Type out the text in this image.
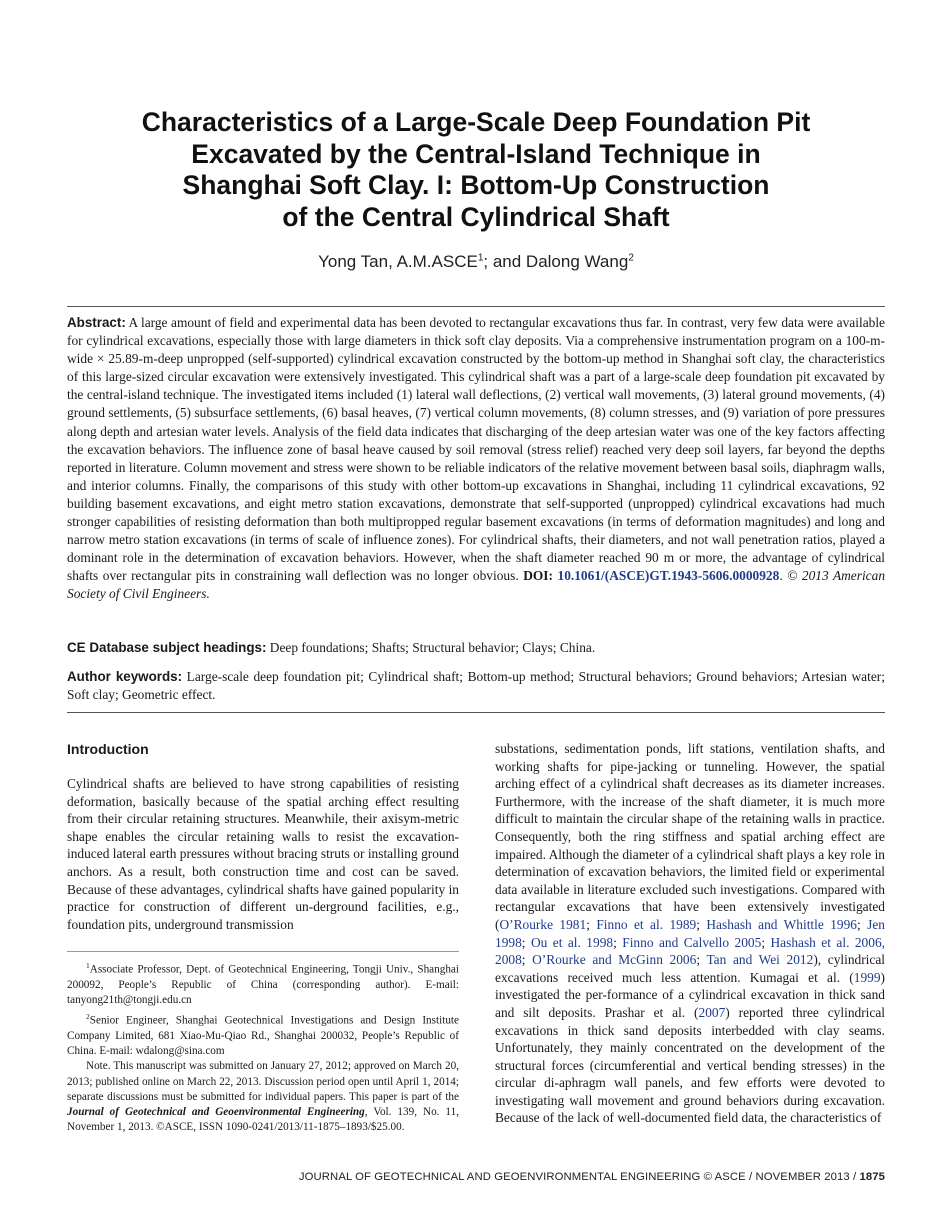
Characteristics of a Large-Scale Deep Foundation Pit
Excavated by the Central-Island Technique in
Shanghai Soft Clay. I: Bottom-Up Construction
of the Central Cylindrical Shaft
Yong Tan, A.M.ASCE$^1$; and Dalong Wang$^2$
Abstract: A large amount of field and experimental data has been devoted to rectangular excavations thus far. In contrast, very few data were available for cylindrical excavations, especially those with large diameters in thick soft clay deposits. Via a comprehensive instrumentation program on a 100-m-wide × 25.89-m-deep unpropped (self-supported) cylindrical excavation constructed by the bottom-up method in Shanghai soft clay, the characteristics of this large-sized circular excavation were extensively investigated. This cylindrical shaft was a part of a large-scale deep foundation pit excavated by the central-island technique. The investigated items included (1) lateral wall deflections, (2) vertical wall movements, (3) lateral ground movements, (4) ground settlements, (5) subsurface settlements, (6) basal heaves, (7) vertical column movements, (8) column stresses, and (9) variation of pore pressures along depth and artesian water levels. Analysis of the field data indicates that discharging of the deep artesian water was one of the key factors affecting the excavation behaviors. The influence zone of basal heave caused by soil removal (stress relief) reached very deep soil layers, far beyond the depths reported in literature. Column movement and stress were shown to be reliable indicators of the relative movement between basal soils, diaphragm walls, and interior columns. Finally, the comparisons of this study with other bottom-up excavations in Shanghai, including 11 cylindrical excavations, 92 building basement excavations, and eight metro station excavations, demonstrate that self-supported (unpropped) cylindrical excavations had much stronger capabilities of resisting deformation than both multipropped regular basement excavations (in terms of deformation magnitudes) and long and narrow metro station excavations (in terms of scale of influence zones). For cylindrical shafts, their diameters, and not wall penetration ratios, played a dominant role in the determination of excavation behaviors. However, when the shaft diameter reached 90 m or more, the advantage of cylindrical shafts over rectangular pits in constraining wall deflection was no longer obvious. DOI: 10.1061/(ASCE)GT.1943-5606.0000928. © 2013 American Society of Civil Engineers.
CE Database subject headings: Deep foundations; Shafts; Structural behavior; Clays; China.
Author keywords: Large-scale deep foundation pit; Cylindrical shaft; Bottom-up method; Structural behaviors; Ground behaviors; Artesian water; Soft clay; Geometric effect.
Introduction
Cylindrical shafts are believed to have strong capabilities of resisting deformation, basically because of the spatial arching effect resulting from their circular retaining structures. Meanwhile, their axisym-metric shape enables the circular retaining walls to resist the excavation-induced lateral earth pressures without bracing struts or installing ground anchors. As a result, both construction time and cost can be saved. Because of these advantages, cylindrical shafts have gained popularity in practice for construction of different un-derground facilities, e.g., foundation pits, underground transmission

$^1$Associate Professor, Dept. of Geotechnical Engineering, Tongji Univ., Shanghai 200092, People’s Republic of China (corresponding author). E-mail: tanyong21th@tongji.edu.cn

$^2$Senior Engineer, Shanghai Geotechnical Investigations and Design Institute Company Limited, 681 Xiao-Mu-Qiao Rd., Shanghai 200032, People’s Republic of China. E-mail: wdalong@sina.com

Note. This manuscript was submitted on January 27, 2012; approved on March 20, 2013; published online on March 22, 2013. Discussion period open until April 1, 2014; separate discussions must be submitted for individual papers. This paper is part of the Journal of Geotechnical and Geoenvironmental Engineering, Vol. 139, No. 11, November 1, 2013. ©ASCE, ISSN 1090-0241/2013/11-1875–1893/$25.00.

substations, sedimentation ponds, lift stations, ventilation shafts, and working shafts for pipe-jacking or tunneling. However, the spatial arching effect of a cylindrical shaft decreases as its diameter increases. Furthermore, with the increase of the shaft diameter, it is much more difficult to maintain the circular shape of the retaining walls in practice. Consequently, both the ring stiffness and spatial arching effect are impaired. Although the diameter of a cylindrical shaft plays a key role in determination of excavation behaviors, the limited field or experimental data available in literature excluded such investigations. Compared with rectangular excavations that have been extensively investigated (O’Rourke 1981; Finno et al. 1989; Hashash and Whittle 1996; Jen 1998; Ou et al. 1998; Finno and Calvello 2005; Hashash et al. 2006, 2008; O’Rourke and McGinn 2006; Tan and Wei 2012), cylindrical excavations received much less attention. Kumagai et al. (1999) investigated the per-formance of a cylindrical excavation in thick sand and silt deposits. Prashar et al. (2007) reported three cylindrical excavations in thick sand deposits interbedded with clay seams. Unfortunately, they mainly concentrated on the development of the structural forces (circumferential and vertical bending stresses) in the circular di-aphragm wall panels, and few efforts were devoted to investigating wall movement and ground behaviors during excavation. Because of the lack of well-documented field data, the characteristics of
JOURNAL OF GEOTECHNICAL AND GEOENVIRONMENTAL ENGINEERING © ASCE / NOVEMBER 2013 / 1875
